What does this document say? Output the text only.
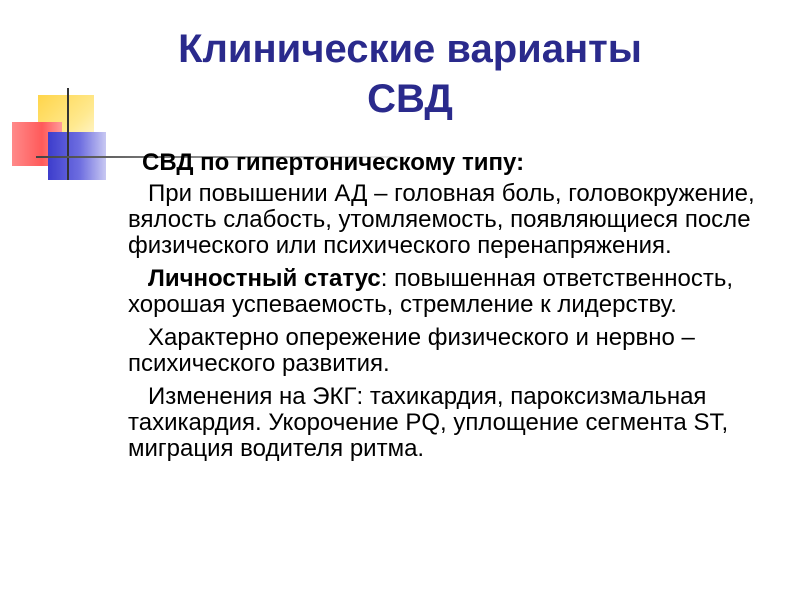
Клинические варианты
СВД

СВД по гипертоническому типу:

При повышении АД – головная боль, головокружение, вялость слабость, утомляемость, появляющиеся после физического или психического перенапряжения.

Личностный статус: повышенная ответственность, хорошая успеваемость, стремление к лидерству.

Характерно опережение физического и нервно – психического развития.

Изменения на ЭКГ: тахикардия, пароксизмальная тахикардия. Укорочение PQ, уплощение сегмента ST, миграция водителя ритма.
